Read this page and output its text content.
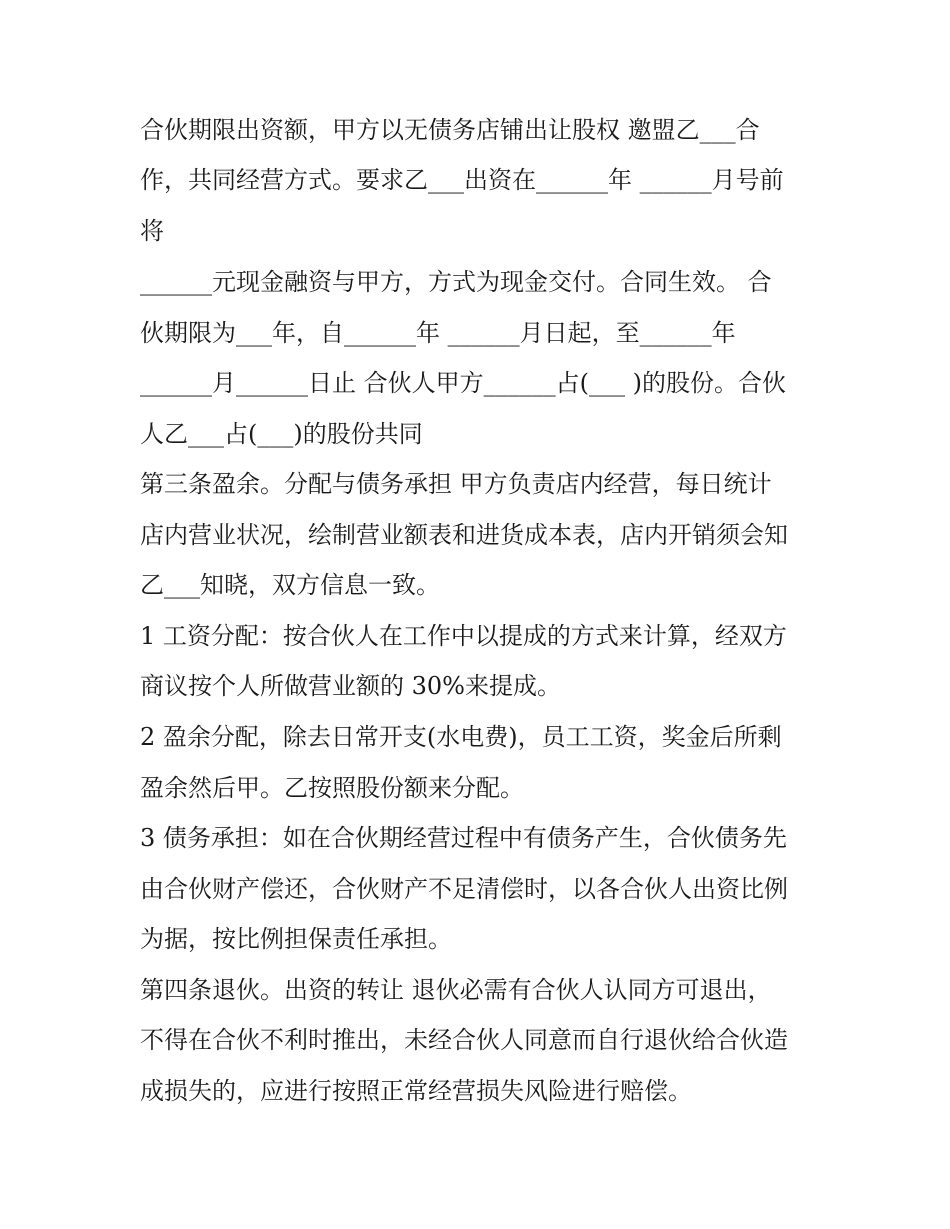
合伙期限出资额，甲方以无债务店铺出让股权 邀盟乙___合
作，共同经营方式。要求乙___出资在______年 ______月号前
将
______元现金融资与甲方，方式为现金交付。合同生效。 合
伙期限为___年，自______年 ______月日起，至______年
______月______日止 合伙人甲方______占(___ )的股份。合伙
人乙___占(___)的股份共同
第三条盈余。分配与债务承担 甲方负责店内经营，每日统计
店内营业状况，绘制营业额表和进货成本表，店内开销须会知
乙___知晓，双方信息一致。
1 工资分配：按合伙人在工作中以提成的方式来计算，经双方
商议按个人所做营业额的 30%来提成。
2 盈余分配，除去日常开支(水电费)，员工工资，奖金后所剩
盈余然后甲。乙按照股份额来分配。
3 债务承担：如在合伙期经营过程中有债务产生，合伙债务先
由合伙财产偿还，合伙财产不足清偿时，以各合伙人出资比例
为据，按比例担保责任承担。
第四条退伙。出资的转让 退伙必需有合伙人认同方可退出，
不得在合伙不利时推出，未经合伙人同意而自行退伙给合伙造
成损失的，应进行按照正常经营损失风险进行赔偿。
